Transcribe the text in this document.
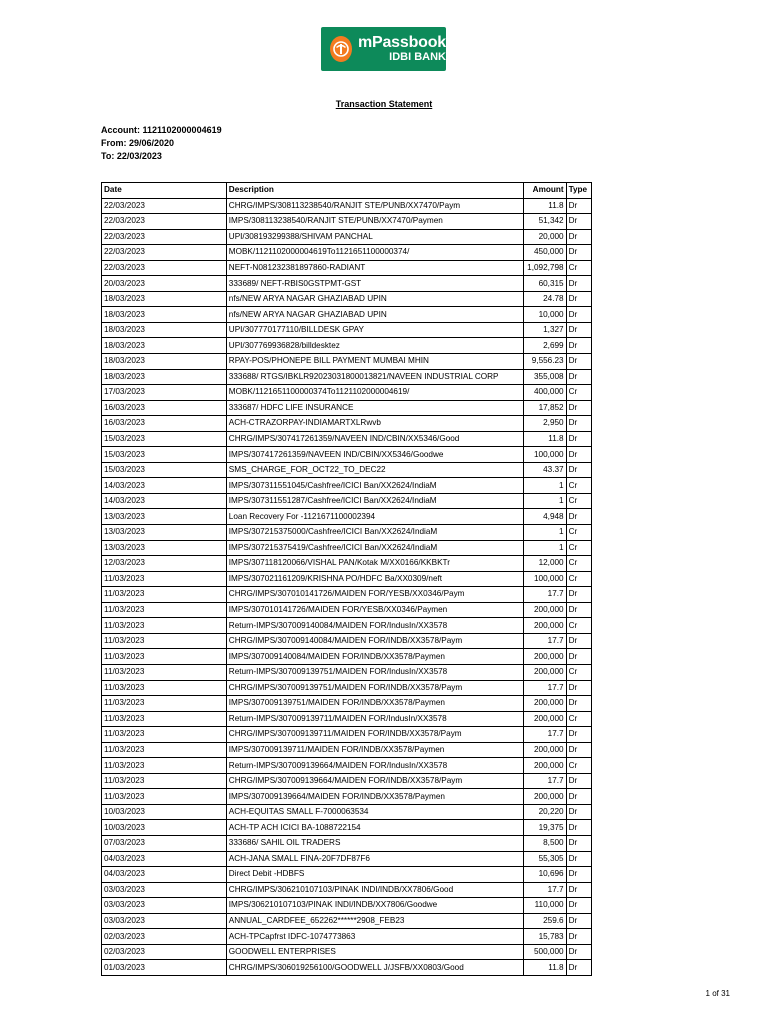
mPassbook
IDBI BANK
Transaction Statement
Account: 1121102000004619
From: 29/06/2020
To: 22/03/2023
Date	Description	Amount	Type
22/03/2023	CHRG/IMPS/308113238540/RANJIT STE/PUNB/XX7470/Paym	11.8	Dr
22/03/2023	IMPS/308113238540/RANJIT STE/PUNB/XX7470/Paymen	51,342	Dr
22/03/2023	UPI/308193299388/SHIVAM PANCHAL	20,000	Dr
22/03/2023	MOBK/1121102000004619To1121651100000374/	450,000	Dr
22/03/2023	NEFT-N081232381897860-RADIANT	1,092,798	Cr
20/03/2023	333689/ NEFT-RBIS0GSTPMT-GST	60,315	Dr
18/03/2023	nfs/NEW ARYA NAGAR GHAZIABAD UPIN	24.78	Dr
18/03/2023	nfs/NEW ARYA NAGAR GHAZIABAD UPIN	10,000	Dr
18/03/2023	UPI/307770177110/BILLDESK GPAY	1,327	Dr
18/03/2023	UPI/307769936828/billdesktez	2,699	Dr
18/03/2023	RPAY-POS/PHONEPE BILL PAYMENT MUMBAI MHIN	9,556.23	Dr
18/03/2023	333688/ RTGS/IBKLR92023031800013821/NAVEEN INDUSTRIAL CORP	355,008	Dr
17/03/2023	MOBK/1121651100000374To1121102000004619/	400,000	Cr
16/03/2023	333687/ HDFC LIFE INSURANCE	17,852	Dr
16/03/2023	ACH-CTRAZORPAY-INDIAMARTXLRwvb	2,950	Dr
15/03/2023	CHRG/IMPS/307417261359/NAVEEN IND/CBIN/XX5346/Good	11.8	Dr
15/03/2023	IMPS/307417261359/NAVEEN IND/CBIN/XX5346/Goodwe	100,000	Dr
15/03/2023	SMS_CHARGE_FOR_OCT22_TO_DEC22	43.37	Dr
14/03/2023	IMPS/307311551045/Cashfree/ICICI Ban/XX2624/IndiaM	1	Cr
14/03/2023	IMPS/307311551287/Cashfree/ICICI Ban/XX2624/IndiaM	1	Cr
13/03/2023	Loan Recovery For -1121671100002394	4,948	Dr
13/03/2023	IMPS/307215375000/Cashfree/ICICI Ban/XX2624/IndiaM	1	Cr
13/03/2023	IMPS/307215375419/Cashfree/ICICI Ban/XX2624/IndiaM	1	Cr
12/03/2023	IMPS/307118120066/VISHAL PAN/Kotak M/XX0166/KKBKTr	12,000	Cr
11/03/2023	IMPS/307021161209/KRISHNA PO/HDFC Ba/XX0309/neft	100,000	Cr
11/03/2023	CHRG/IMPS/307010141726/MAIDEN FOR/YESB/XX0346/Paym	17.7	Dr
11/03/2023	IMPS/307010141726/MAIDEN FOR/YESB/XX0346/Paymen	200,000	Dr
11/03/2023	Return-IMPS/307009140084/MAIDEN FOR/IndusIn/XX3578	200,000	Cr
11/03/2023	CHRG/IMPS/307009140084/MAIDEN FOR/INDB/XX3578/Paym	17.7	Dr
11/03/2023	IMPS/307009140084/MAIDEN FOR/INDB/XX3578/Paymen	200,000	Dr
11/03/2023	Return-IMPS/307009139751/MAIDEN FOR/IndusIn/XX3578	200,000	Cr
11/03/2023	CHRG/IMPS/307009139751/MAIDEN FOR/INDB/XX3578/Paym	17.7	Dr
11/03/2023	IMPS/307009139751/MAIDEN FOR/INDB/XX3578/Paymen	200,000	Dr
11/03/2023	Return-IMPS/307009139711/MAIDEN FOR/IndusIn/XX3578	200,000	Cr
11/03/2023	CHRG/IMPS/307009139711/MAIDEN FOR/INDB/XX3578/Paym	17.7	Dr
11/03/2023	IMPS/307009139711/MAIDEN FOR/INDB/XX3578/Paymen	200,000	Dr
11/03/2023	Return-IMPS/307009139664/MAIDEN FOR/IndusIn/XX3578	200,000	Cr
11/03/2023	CHRG/IMPS/307009139664/MAIDEN FOR/INDB/XX3578/Paym	17.7	Dr
11/03/2023	IMPS/307009139664/MAIDEN FOR/INDB/XX3578/Paymen	200,000	Dr
10/03/2023	ACH-EQUITAS SMALL F-7000063534	20,220	Dr
10/03/2023	ACH-TP ACH ICICI BA-1088722154	19,375	Dr
07/03/2023	333686/ SAHIL OIL TRADERS	8,500	Dr
04/03/2023	ACH-JANA SMALL FINA-20F7DF87F6	55,305	Dr
04/03/2023	Direct Debit -HDBFS	10,696	Dr
03/03/2023	CHRG/IMPS/306210107103/PINAK INDI/INDB/XX7806/Good	17.7	Dr
03/03/2023	IMPS/306210107103/PINAK INDI/INDB/XX7806/Goodwe	110,000	Dr
03/03/2023	ANNUAL_CARDFEE_652262******2908_FEB23	259.6	Dr
02/03/2023	ACH-TPCapfrst IDFC-1074773863	15,783	Dr
02/03/2023	GOODWELL ENTERPRISES	500,000	Dr
01/03/2023	CHRG/IMPS/306019256100/GOODWELL J/JSFB/XX0803/Good	11.8	Dr
1 of 31
